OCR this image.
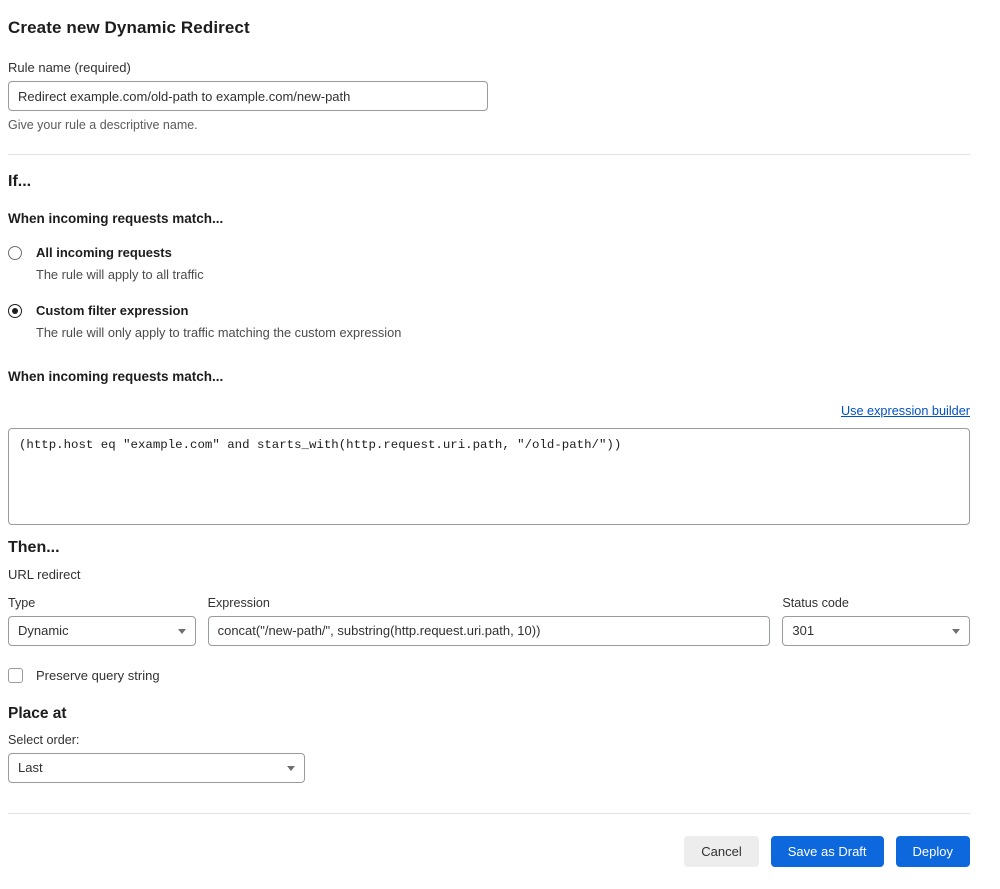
Create new Dynamic Redirect
Rule name (required)
Redirect example.com/old-path to example.com/new-path
Give your rule a descriptive name.
If...
When incoming requests match...
All incoming requests
The rule will apply to all traffic
Custom filter expression
The rule will only apply to traffic matching the custom expression
When incoming requests match...
Use expression builder
(http.host eq "example.com" and starts_with(http.request.uri.path, "/old-path/"))
Then...
URL redirect
Type
Dynamic
Expression
concat("/new-path/", substring(http.request.uri.path, 10))	Status code
301
Preserve query string
Place at
Select order:
Last
Cancel	Save as Draft	Deploy
